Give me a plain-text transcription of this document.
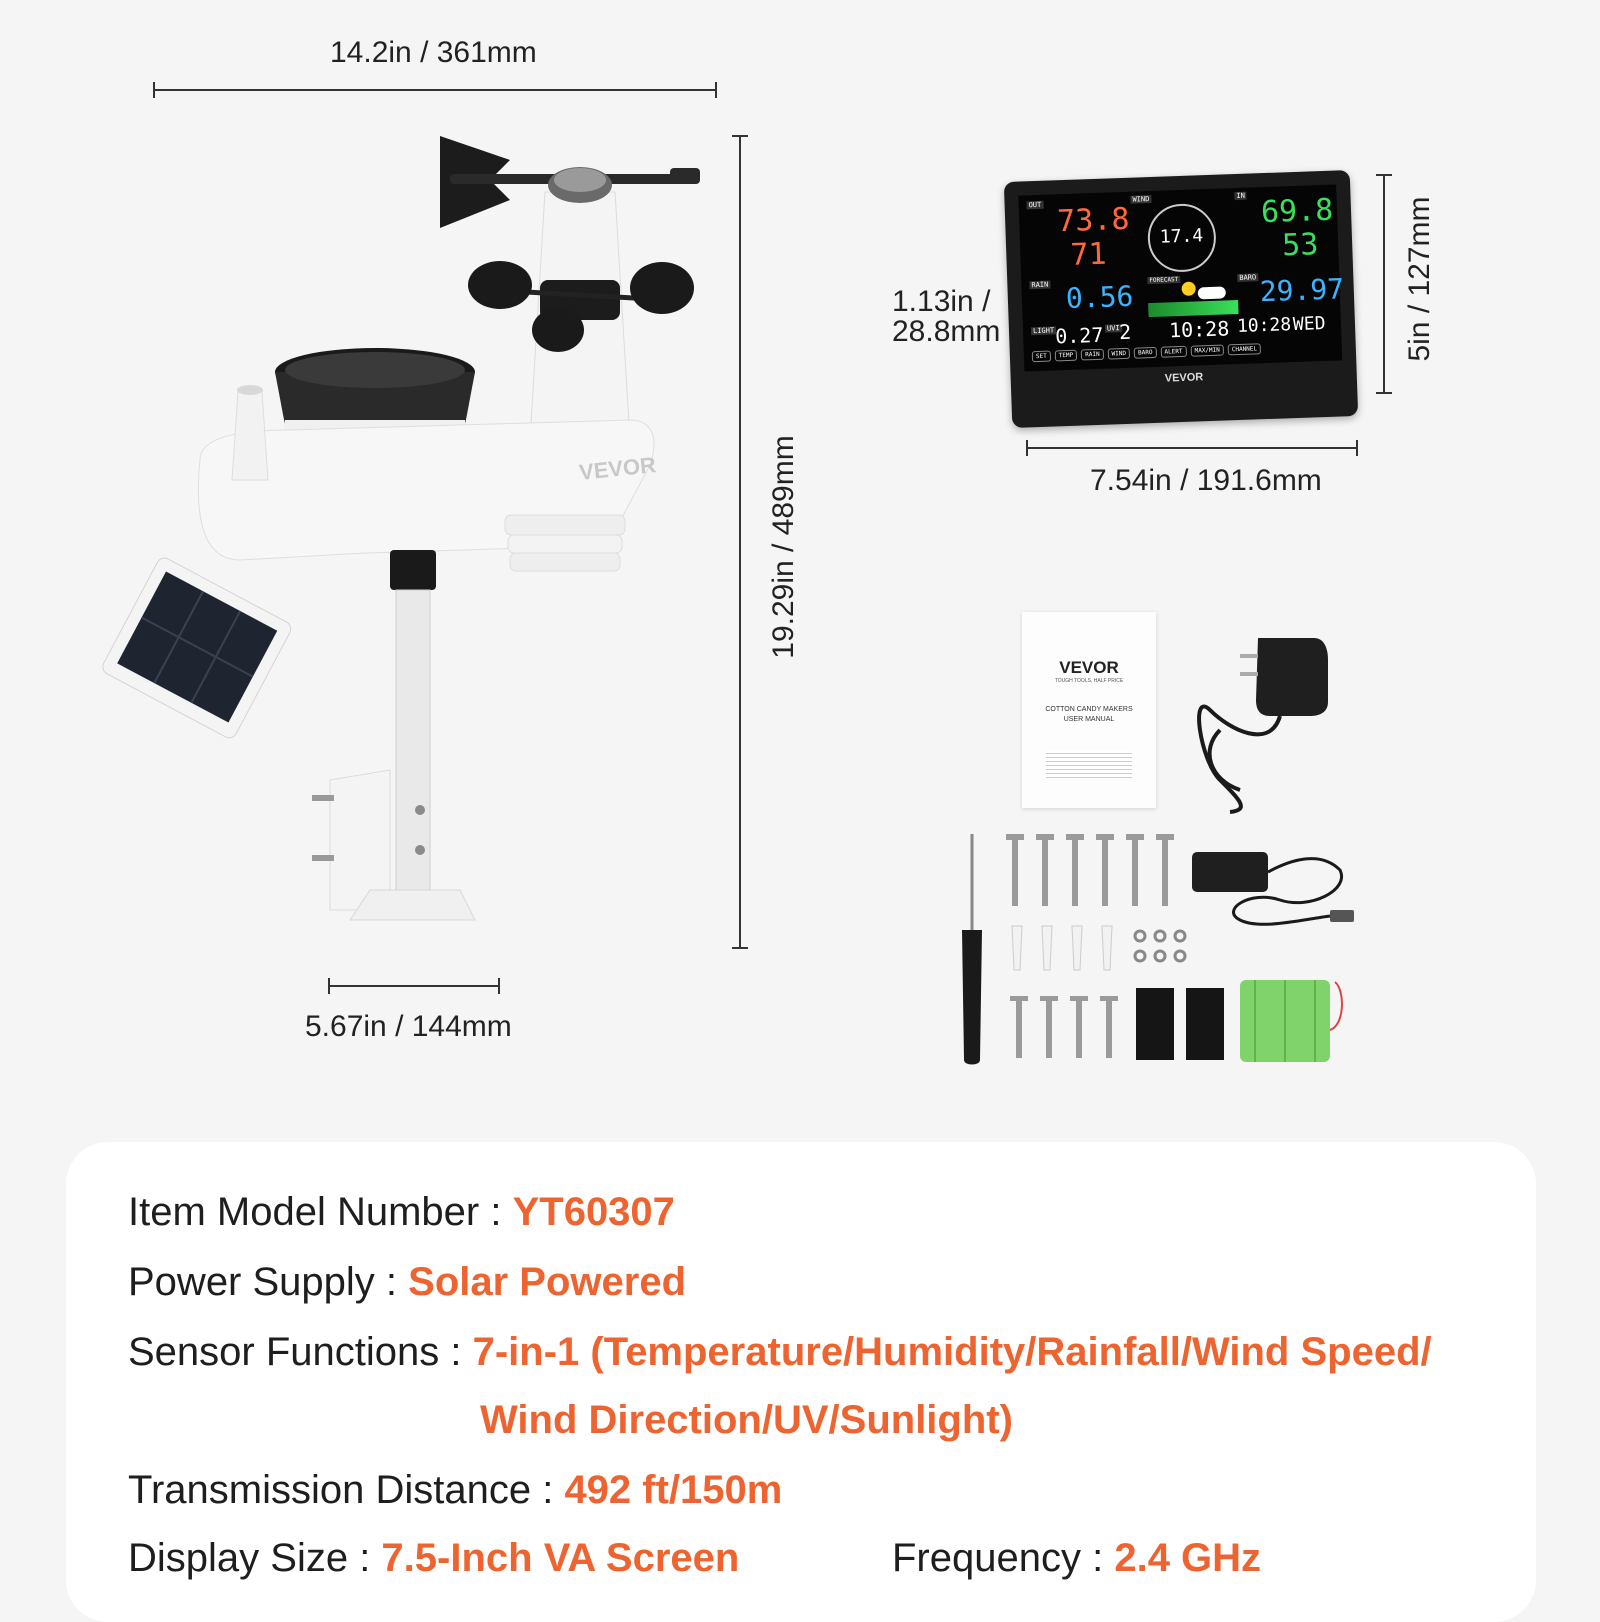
14.2in / 361mm
19.29in / 489mm
5.67in / 144mm
VEVOR
5in / 127mm
7.54in / 191.6mm
1.13in /
28.8mm
OUT 73.8
71
WIND
17.4
IN 69.8
53
RAIN 0.56	FORECAST	BARO 29.97
LIGHT 0.27 UVI
2 10:28 10:28 WED
SET	TEMP	RAIN	WIND	BARO	ALERT	MAX/MIN	CHANNEL
VEVOR
VEVOR
TOUGH TOOLS, HALF PRICE
COTTON CANDY MAKERS
USER MANUAL
Item Model Number : YT60307
Power Supply : Solar Powered
Sensor Functions : 7-in-1 (Temperature/Humidity/Rainfall/Wind Speed/
Wind Direction/UV/Sunlight)
Transmission Distance : 492 ft/150m
Display Size : 7.5-Inch VA Screen	Frequency : 2.4 GHz
